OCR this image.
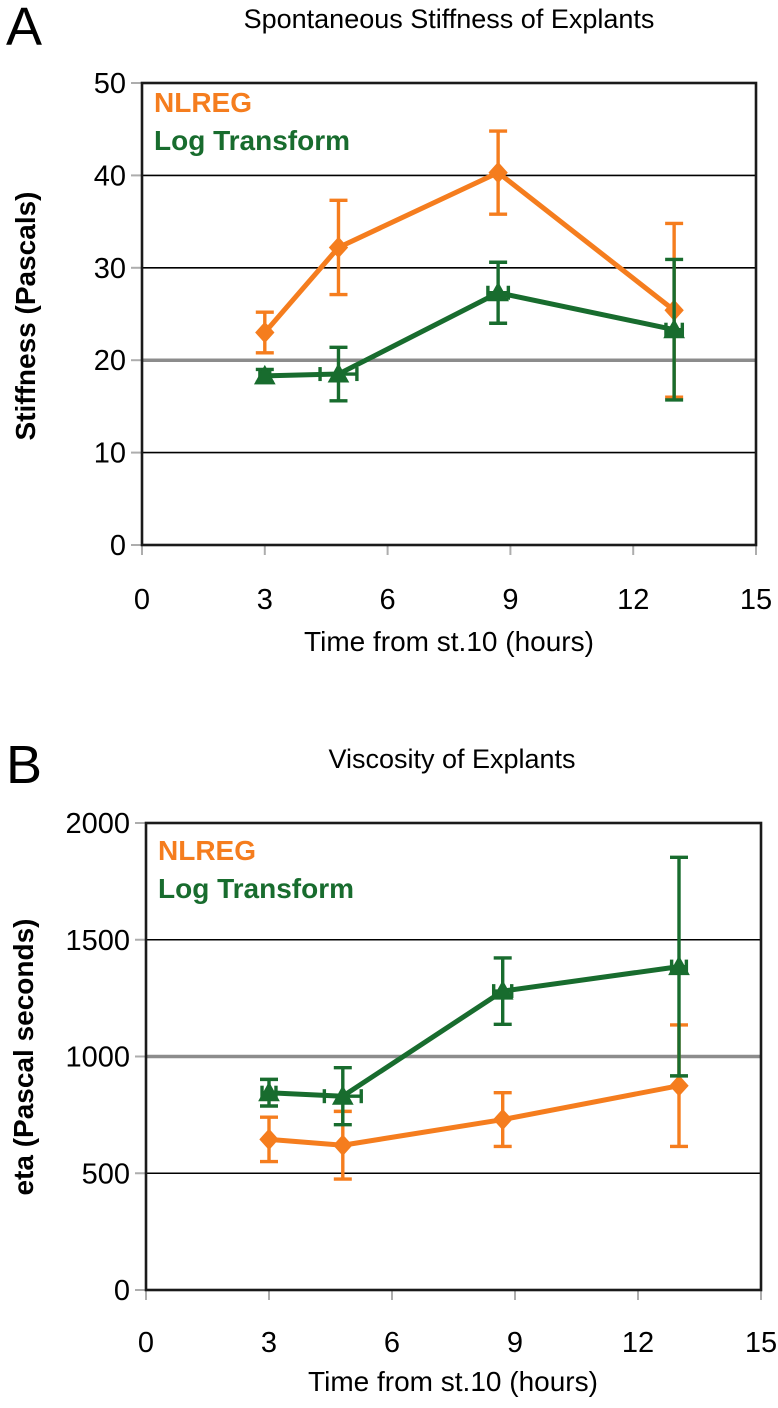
0	3	6	9	12	15
0
10
20
30
40
50
0	3	6	9	12	15
0
500
1000
1500
2000
A	Spontaneous Stiffness of Explants
Stiffness (Pascals)
Time from st.10 (hours)
NLREG
Log Transform
B	Viscosity of Explants
eta (Pascal seconds)
Time from st.10 (hours)
NLREG
Log Transform
